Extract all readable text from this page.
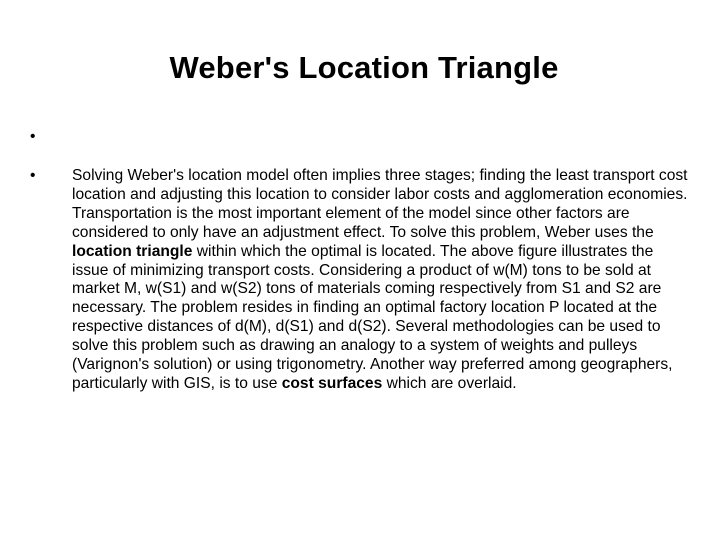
Weber's Location Triangle
•
•	Solving Weber's location model often implies three stages; finding the least transport cost location and adjusting this location to consider labor costs and agglomeration economies. Transportation is the most important element of the model since other factors are considered to only have an adjustment effect. To solve this problem, Weber uses the location triangle within which the optimal is located. The above figure illustrates the issue of minimizing transport costs. Considering a product of w(M) tons to be sold at market M, w(S1) and w(S2) tons of materials coming respectively from S1 and S2 are necessary. The problem resides in finding an optimal factory location P located at the respective distances of d(M), d(S1) and d(S2). Several methodologies can be used to solve this problem such as drawing an analogy to a system of weights and pulleys (Varignon's solution) or using trigonometry. Another way preferred among geographers, particularly with GIS, is to use cost surfaces which are overlaid.
